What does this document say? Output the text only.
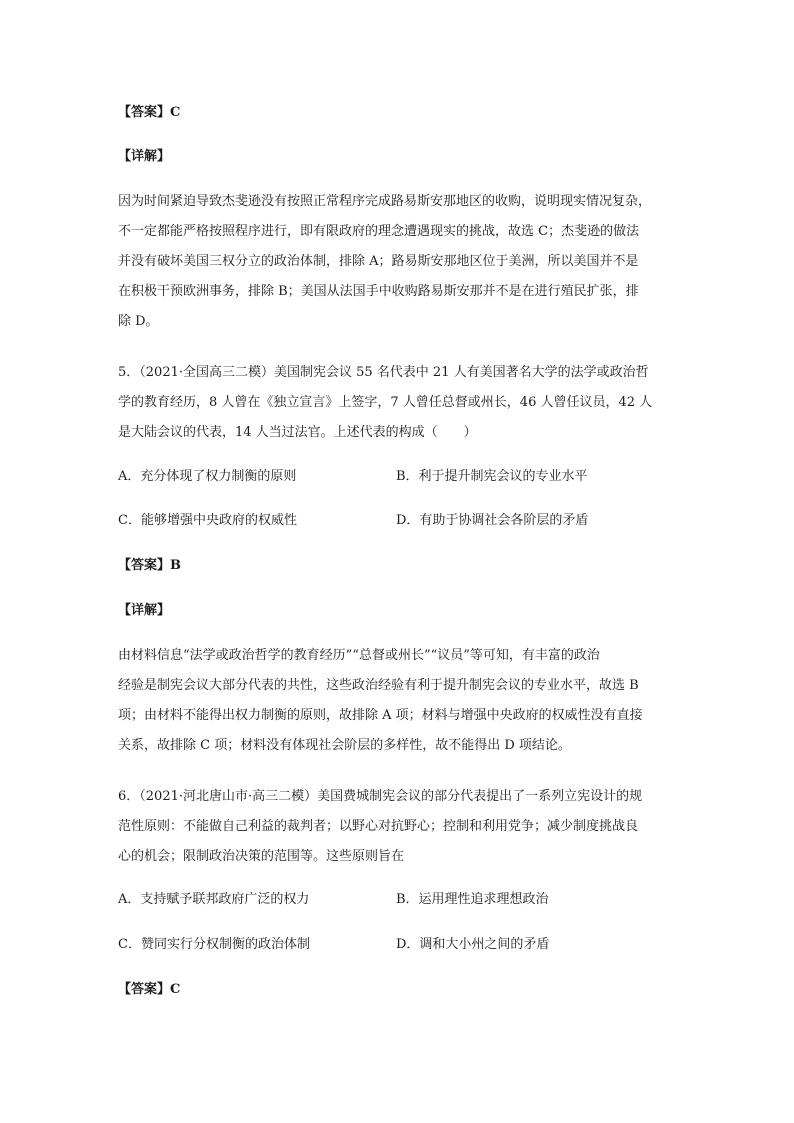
【答案】C
【详解】
因为时间紧迫导致杰斐逊没有按照正常程序完成路易斯安那地区的收购，说明现实情况复杂，
不一定都能严格按照程序进行，即有限政府的理念遭遇现实的挑战，故选 C；杰斐逊的做法
并没有破坏美国三权分立的政治体制，排除 A；路易斯安那地区位于美洲，所以美国并不是
在积极干预欧洲事务，排除 B；美国从法国手中收购路易斯安那并不是在进行殖民扩张，排
除 D。
5．（2021·全国高三二模）美国制宪会议 55 名代表中 21 人有美国著名大学的法学或政治哲
学的教育经历，8 人曾在《独立宣言》上签字，7 人曾任总督或州长，46 人曾任议员，42 人
是大陆会议的代表，14 人当过法官。上述代表的构成（　　）
A．充分体现了权力制衡的原则	B．利于提升制宪会议的专业水平
C．能够增强中央政府的权威性	D．有助于协调社会各阶层的矛盾
【答案】B
【详解】
由材料信息“法学或政治哲学的教育经历”“总督或州长”“议员”等可知，有丰富的政治
经验是制宪会议大部分代表的共性，这些政治经验有利于提升制宪会议的专业水平，故选 B
项；由材料不能得出权力制衡的原则，故排除 A 项；材料与增强中央政府的权威性没有直接
关系，故排除 C 项；材料没有体现社会阶层的多样性，故不能得出 D 项结论。
6．（2021·河北唐山市·高三二模）美国费城制宪会议的部分代表提出了一系列立宪设计的规
范性原则：不能做自己利益的裁判者；以野心对抗野心；控制和利用党争；减少制度挑战良
心的机会；限制政治决策的范围等。这些原则旨在
A．支持赋予联邦政府广泛的权力	B．运用理性追求理想政治
C．赞同实行分权制衡的政治体制	D．调和大小州之间的矛盾
【答案】C
